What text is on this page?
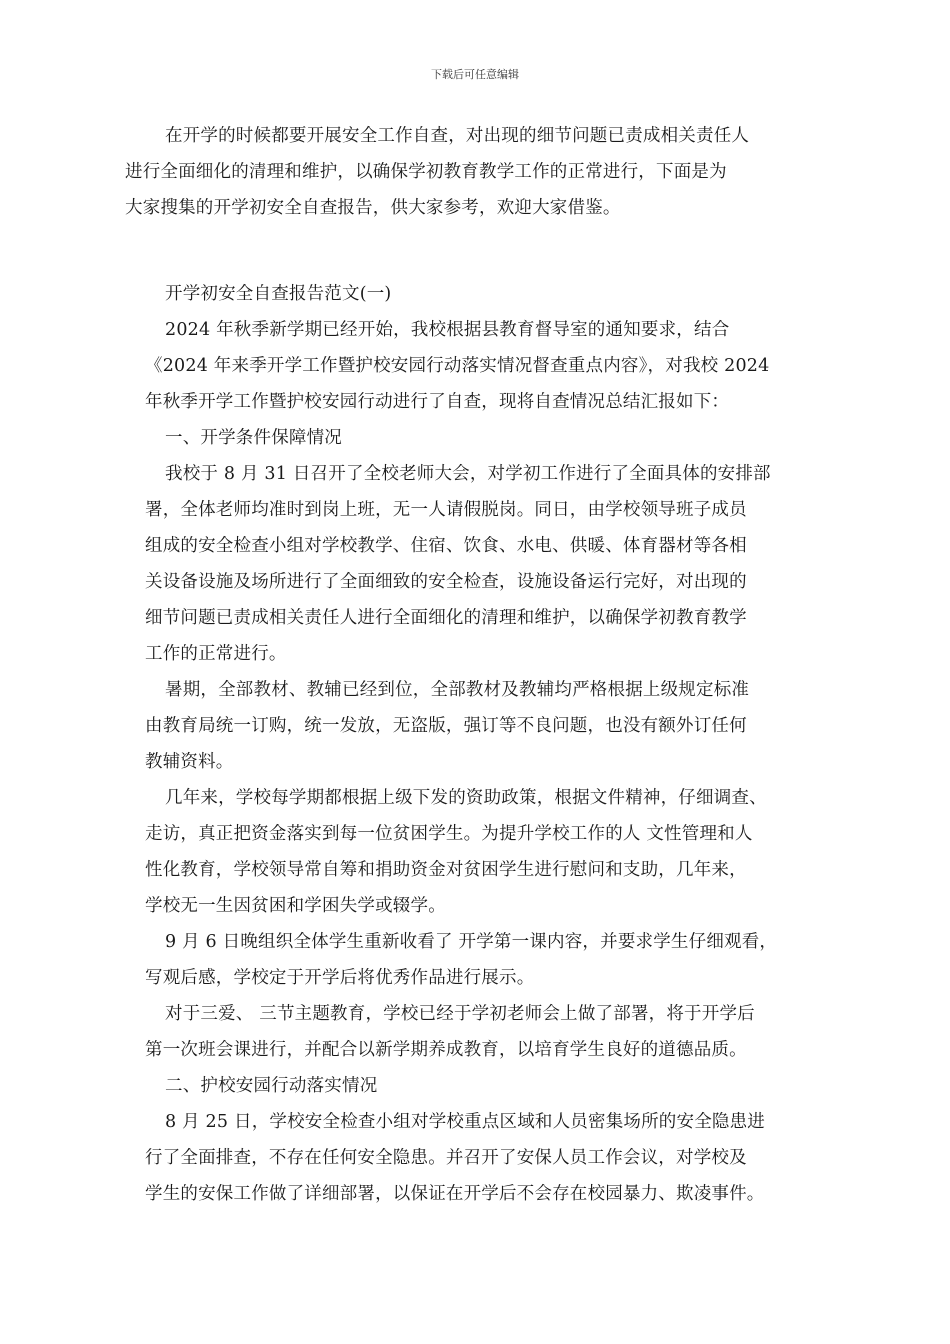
下载后可任意编辑
在开学的时候都要开展安全工作自查，对出现的细节问题已责成相关责任人
进行全面细化的清理和维护，以确保学初教育教学工作的正常进行，下面是为
大家搜集的开学初安全自查报告，供大家参考，欢迎大家借鉴。
开学初安全自查报告范文(一)
2024 年秋季新学期已经开始，我校根据县教育督导室的通知要求，结合
《2024 年来季开学工作暨护校安园行动落实情况督查重点内容》，对我校 2024
年秋季开学工作暨护校安园行动进行了自查，现将自查情况总结汇报如下：
一、开学条件保障情况
我校于 8 月 31 日召开了全校老师大会，对学初工作进行了全面具体的安排部
署，全体老师均准时到岗上班，无一人请假脱岗。同日，由学校领导班子成员
组成的安全检查小组对学校教学、住宿、饮食、水电、供暖、体育器材等各相
关设备设施及场所进行了全面细致的安全检查，设施设备运行完好，对出现的
细节问题已责成相关责任人进行全面细化的清理和维护，以确保学初教育教学
工作的正常进行。
暑期，全部教材、教辅已经到位，全部教材及教辅均严格根据上级规定标准
由教育局统一订购，统一发放，无盗版，强订等不良问题，也没有额外订任何
教辅资料。
几年来，学校每学期都根据上级下发的资助政策，根据文件精神，仔细调查、
走访，真正把资金落实到每一位贫困学生。为提升学校工作的人 文性管理和人
性化教育，学校领导常自筹和捐助资金对贫困学生进行慰问和支助，几年来，
学校无一生因贫困和学困失学或辍学。
9 月 6 日晚组织全体学生重新收看了 开学第一课内容，并要求学生仔细观看，
写观后感，学校定于开学后将优秀作品进行展示。
对于三爱、 三节主题教育，学校已经于学初老师会上做了部署，将于开学后
第一次班会课进行，并配合以新学期养成教育，以培育学生良好的道德品质。
二、护校安园行动落实情况
8 月 25 日，学校安全检查小组对学校重点区域和人员密集场所的安全隐患进
行了全面排查，不存在任何安全隐患。并召开了安保人员工作会议，对学校及
学生的安保工作做了详细部署，以保证在开学后不会存在校园暴力、欺凌事件。
